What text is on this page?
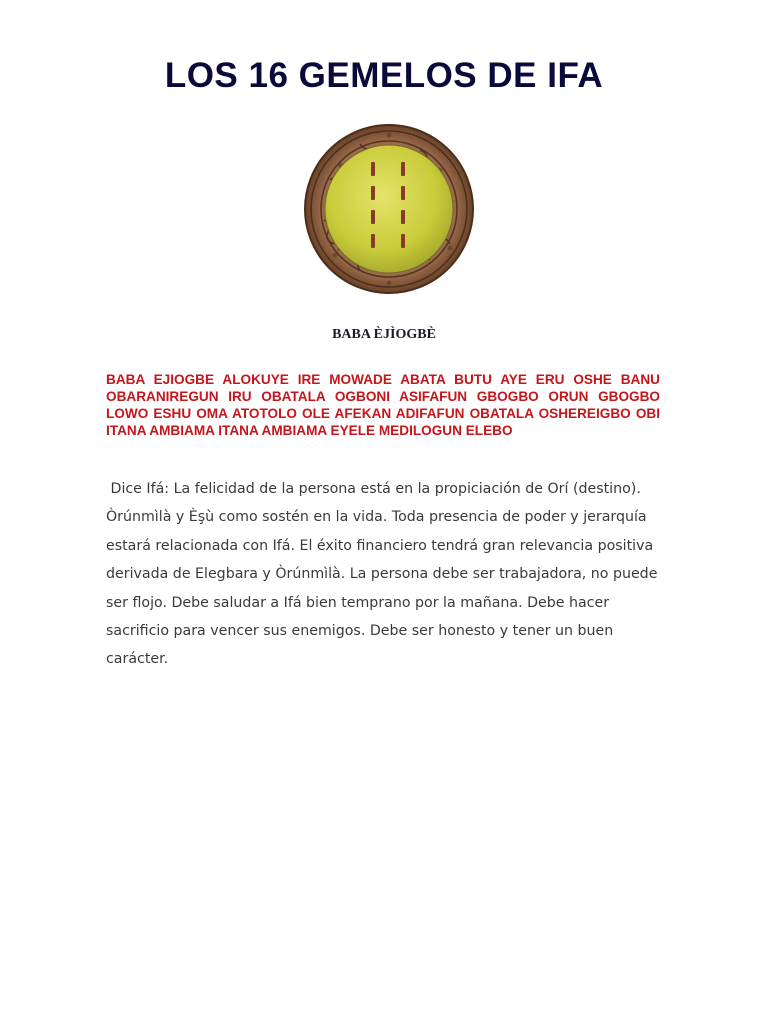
LOS 16 GEMELOS DE IFA
BABA ÈJÌOGBÈ

BABA EJIOGBE ALOKUYE IRE MOWADE ABATA BUTU AYE ERU OSHE BANU OBARANIREGUN IRU OBATALA OGBONI ASIFAFUN GBOGBO ORUN GBOGBO LOWO ESHU OMA ATOTOLO OLE AFEKAN ADIFAFUN OBATALA OSHEREIGBO OBI ITANA AMBIAMA ITANA AMBIAMA EYELE MEDILOGUN ELEBO

Dice Ifá: La felicidad de la persona está en la propiciación de Orí (destino). Òrúnmìlà y Èşù como sostén en la vida. Toda presencia de poder y jerarquía estará relacionada con Ifá. El éxito financiero tendrá gran relevancia positiva derivada de Elegbara y Òrúnmìlà. La persona debe ser trabajadora, no puede ser flojo. Debe saludar a Ifá bien temprano por la mañana. Debe hacer sacrificio para vencer sus enemigos. Debe ser honesto y tener un buen carácter.
